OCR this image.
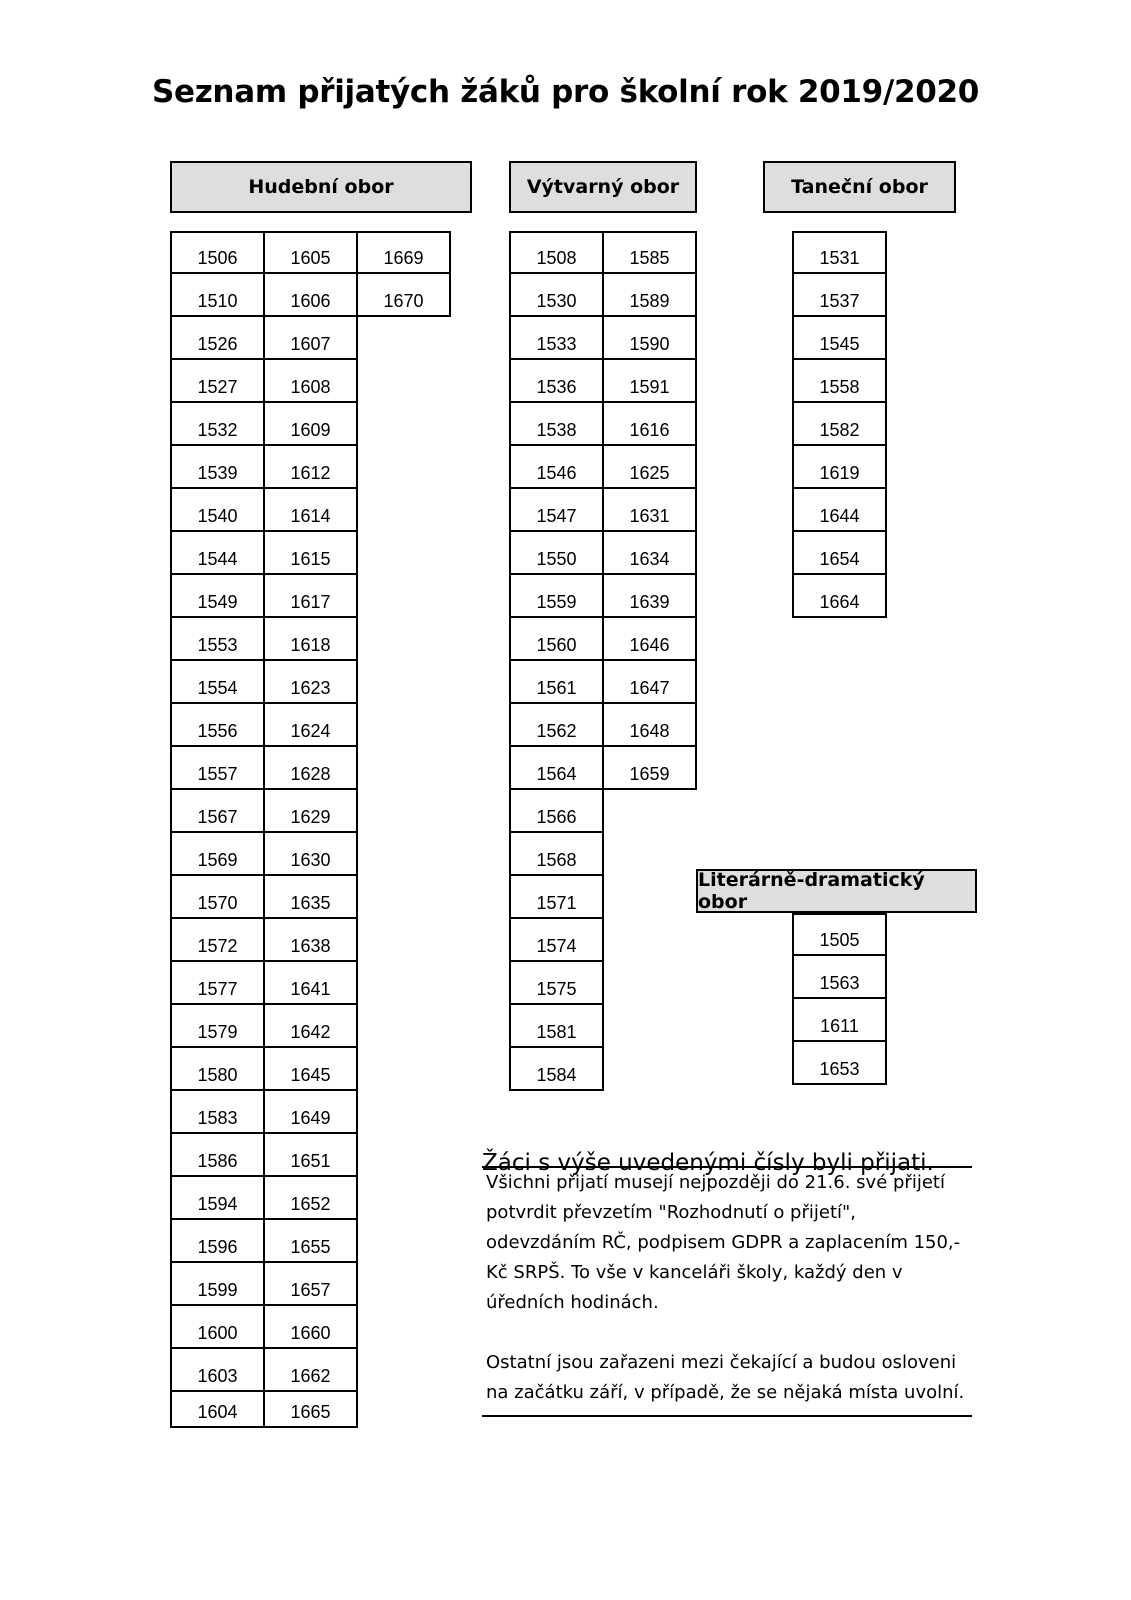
Seznam přijatých žáků pro školní rok 2019/2020
Hudební obor	Výtvarný obor	Taneční obor
Literárně-dramatický obor
1506	1605	1669
1510	1606	1670
1526	1607
1527	1608
1532	1609
1539	1612
1540	1614
1544	1615
1549	1617
1553	1618
1554	1623
1556	1624
1557	1628
1567	1629
1569	1630
1570	1635
1572	1638
1577	1641
1579	1642
1580	1645
1583	1649
1586	1651
1594	1652
1596	1655
1599	1657
1600	1660
1603	1662
1604	1665
1508	1585
1530	1589
1533	1590
1536	1591
1538	1616
1546	1625
1547	1631
1550	1634
1559	1639
1560	1646
1561	1647
1562	1648
1564	1659
1566
1568
1571
1574
1575
1581
1584
1531
1537
1545
1558
1582
1619
1644
1654
1664
1505
1563
1611
1653
Žáci s výše uvedenými čísly byli přijati.
Všichni přijatí musejí nejpozději do 21.6. své přijetí
potvrdit převzetím "Rozhodnutí o přijetí",
odevzdáním RČ, podpisem GDPR a zaplacením 150,-
Kč SRPŠ. To vše v kanceláři školy, každý den v
úředních hodinách.
Ostatní jsou zařazeni mezi čekající a budou osloveni
na začátku září, v případě, že se nějaká místa uvolní.
